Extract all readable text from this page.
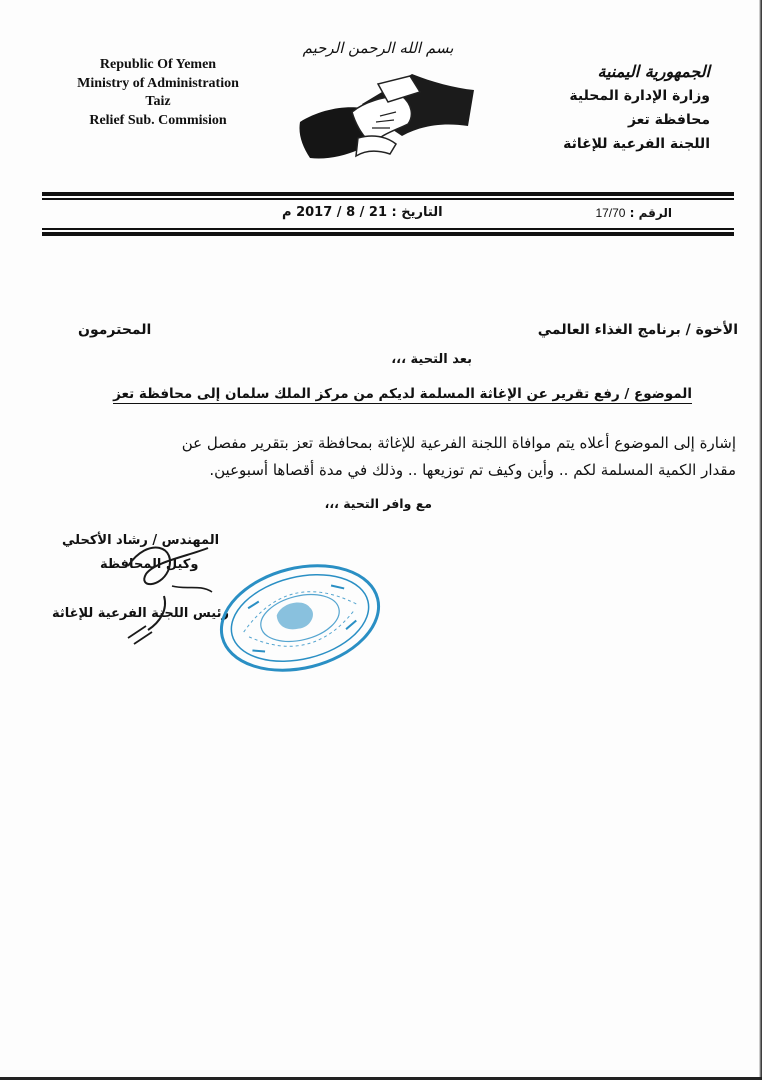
Republic Of Yemen
Ministry of Administration
Taiz
Relief Sub. Commision
بسم الله الرحمن الرحيم
الجمهورية اليمنية
وزارة الإدارة المحلية
محافظة تعز
اللجنة الفرعية للإغاثة
الرقم : 17/70
التاريخ : 21 / 8 / 2017 م
الأخوة / برنامج الغذاء العالمي
المحترمون
بعد التحية ،،،
الموضوع / رفع تقرير عن الإغاثة المسلمة لديكم من مركز الملك سلمان إلى محافظة تعز
إشارة إلى الموضوع أعلاه يتم موافاة اللجنة الفرعية للإغاثة بمحافظة تعز بتقرير مفصل عن
مقدار الكمية المسلمة لكم .. وأين وكيف تم توزيعها .. وذلك في مدة أقصاها أسبوعين.
مع وافر التحية ،،،
المهندس / رشاد الأكحلي
وكيل المحافظة
رئيس اللجنة الفرعية للإغاثة
